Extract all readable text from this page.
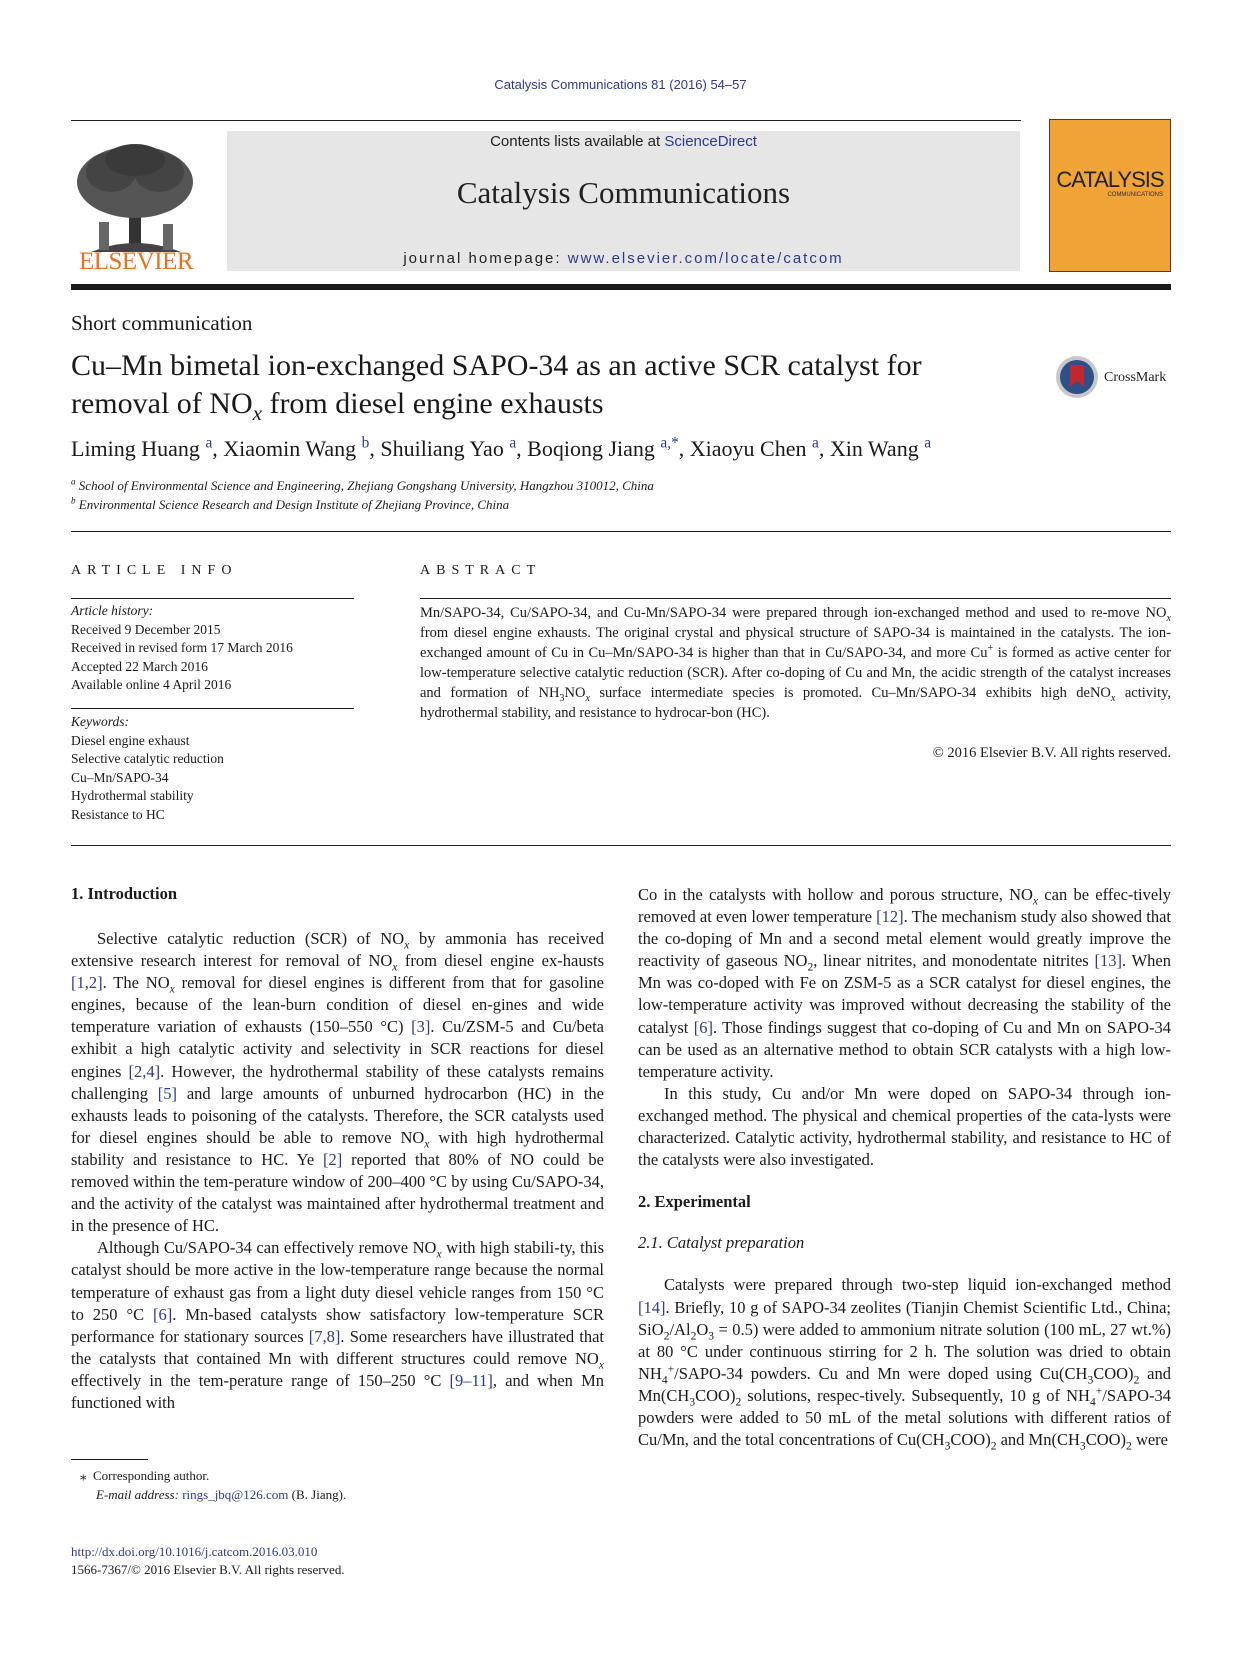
Catalysis Communications 81 (2016) 54–57
ELSEVIER
Contents lists available at ScienceDirect
Catalysis Communications
journal homepage: www.elsevier.com/locate/catcom
CATALYSIS
COMMUNICATIONS
Short communication
Cu–Mn bimetal ion-exchanged SAPO-34 as an active SCR catalyst for
removal of $NO_x$ from diesel engine exhausts
CrossMark
Liming Huang $^a$, Xiaomin Wang $^b$, Shuiliang Yao $^a$, Boqiong Jiang $^{a,*}$, Xiaoyu Chen $^a$, Xin Wang $^a$
$^a$ School of Environmental Science and Engineering, Zhejiang Gongshang University, Hangzhou 310012, China
$^b$ Environmental Science Research and Design Institute of Zhejiang Province, China
ARTICLE INFO
Article history:
Received 9 December 2015
Received in revised form 17 March 2016
Accepted 22 March 2016
Available online 4 April 2016
Keywords:
Diesel engine exhaust
Selective catalytic reduction
Cu–Mn/SAPO-34
Hydrothermal stability
Resistance to HC
ABSTRACT
Mn/SAPO-34, Cu/SAPO-34, and Cu-Mn/SAPO-34 were prepared through ion-exchanged method and used to re-move $NO_x$ from diesel engine exhausts. The original crystal and physical structure of SAPO-34 is maintained in the catalysts. The ion-exchanged amount of Cu in Cu–Mn/SAPO-34 is higher than that in Cu/SAPO-34, and more Cu+ is formed as active center for low-temperature selective catalytic reduction (SCR). After co-doping of Cu and Mn, the acidic strength of the catalyst increases and formation of $NH_3NO_x$ surface intermediate species is promoted. Cu–Mn/SAPO-34 exhibits high deNO$_x$ activity, hydrothermal stability, and resistance to hydrocar-bon (HC).
© 2016 Elsevier B.V. All rights reserved.
1. Introduction

Selective catalytic reduction (SCR) of $NO_x$ by ammonia has received extensive research interest for removal of $NO_x$ from diesel engine ex-hausts [1,2]. The $NO_x$ removal for diesel engines is different from that for gasoline engines, because of the lean-burn condition of diesel en-gines and wide temperature variation of exhausts (150–550 °C) [3]. Cu/ZSM-5 and Cu/beta exhibit a high catalytic activity and selectivity in SCR reactions for diesel engines [2,4]. However, the hydrothermal stability of these catalysts remains challenging [5] and large amounts of unburned hydrocarbon (HC) in the exhausts leads to poisoning of the catalysts. Therefore, the SCR catalysts used for diesel engines should be able to remove $NO_x$ with high hydrothermal stability and resistance to HC. Ye [2] reported that 80% of NO could be removed within the tem-perature window of 200–400 °C by using Cu/SAPO-34, and the activity of the catalyst was maintained after hydrothermal treatment and in the presence of HC.

Although Cu/SAPO-34 can effectively remove $NO_x$ with high stabili-ty, this catalyst should be more active in the low-temperature range because the normal temperature of exhaust gas from a light duty diesel vehicle ranges from 150 °C to 250 °C [6]. Mn-based catalysts show satisfactory low-temperature SCR performance for stationary sources [7,8]. Some researchers have illustrated that the catalysts that contained Mn with different structures could remove $NO_x$ effectively in the tem-perature range of 150–250 °C [9–11], and when Mn functioned with

Co in the catalysts with hollow and porous structure, $NO_x$ can be effec-tively removed at even lower temperature [12]. The mechanism study also showed that the co-doping of Mn and a second metal element would greatly improve the reactivity of gaseous $NO_2$, linear nitrites, and monodentate nitrites [13]. When Mn was co-doped with Fe on ZSM-5 as a SCR catalyst for diesel engines, the low-temperature activity was improved without decreasing the stability of the catalyst [6]. Those findings suggest that co-doping of Cu and Mn on SAPO-34 can be used as an alternative method to obtain SCR catalysts with a high low-temperature activity.

In this study, Cu and/or Mn were doped on SAPO-34 through ion-exchanged method. The physical and chemical properties of the cata-lysts were characterized. Catalytic activity, hydrothermal stability, and resistance to HC of the catalysts were also investigated.

2. Experimental
2.1. Catalyst preparation

Catalysts were prepared through two-step liquid ion-exchanged method [14]. Briefly, 10 g of SAPO-34 zeolites (Tianjin Chemist Scientific Ltd., China; $SiO_2/Al_2O_3 = 0.5$) were added to ammonium nitrate solution (100 mL, 27 wt.%) at 80 °C under continuous stirring for 2 h. The solution was dried to obtain $NH_4^+/SAPO-34$ powders. Cu and Mn were doped using $Cu(CH_3COO)_2$ and $Mn(CH_3COO)_2$ solutions, respec-tively. Subsequently, 10 g of $NH_4^+/SAPO-34$ powders were added to 50 mL of the metal solutions with different ratios of Cu/Mn, and the total concentrations of $Cu(CH_3COO)_2$ and $Mn(CH_3COO)_2$ were

⁎ Corresponding author.
E-mail address: rings_jbq@126.com (B. Jiang).
http://dx.doi.org/10.1016/j.catcom.2016.03.010
1566-7367/© 2016 Elsevier B.V. All rights reserved.
